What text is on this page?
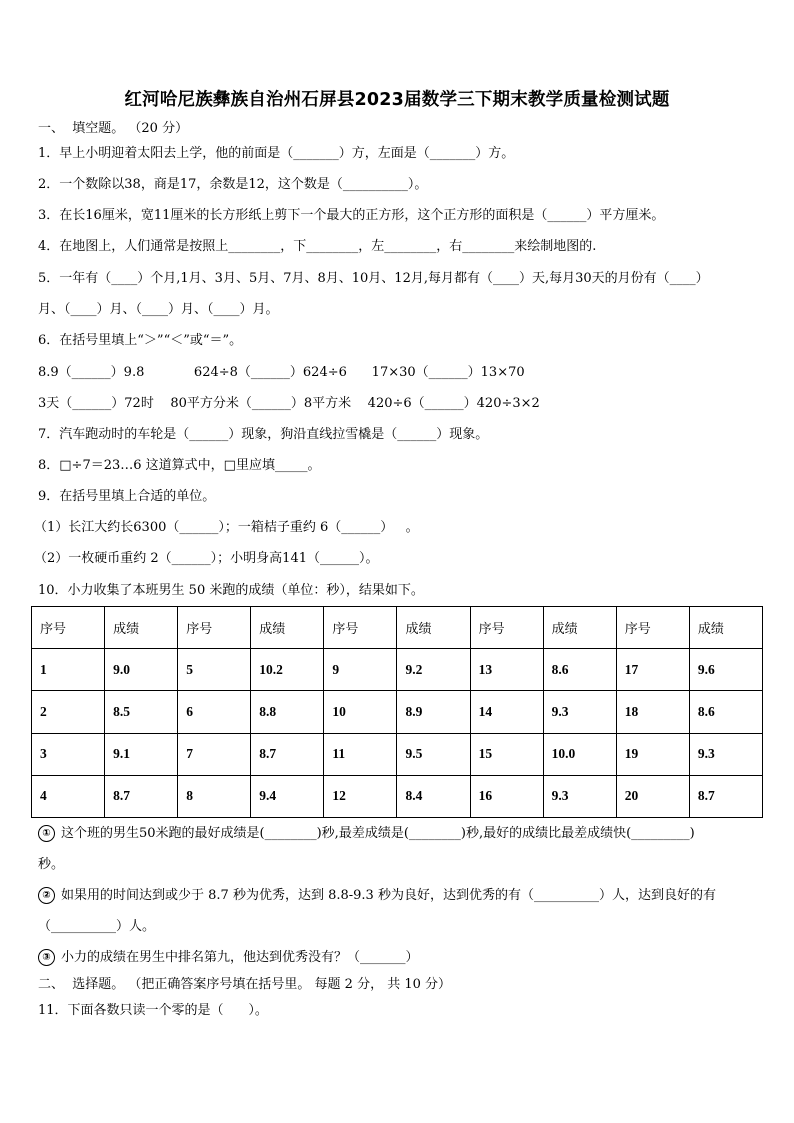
红河哈尼族彝族自治州石屏县2023届数学三下期末教学质量检测试题
一、  填空题。 （20 分）
1．早上小明迎着太阳去上学，他的前面是（_______）方，左面是（_______）方。
2．一个数除以38，商是17，余数是12，这个数是（__________）。
3．在长16厘米，宽11厘米的长方形纸上剪下一个最大的正方形，这个正方形的面积是（______）平方厘米。
4．在地图上，人们通常是按照上________，下________，左________，右________来绘制地图的.
5．一年有（____）个月,1月、3月、5月、7月、8月、10月、12月,每月都有（____）天,每月30天的月份有（____）
月、（____）月、（____）月、（____）月。
6．在括号里填上“＞”“＜”或“＝”。
8.9（______）9.8            624÷8（______）624÷6      17×30（______）13×70
3天（______）72时    80平方分米（______）8平方米    420÷6（______）420÷3×2
7．汽车跑动时的车轮是（______）现象，狗沿直线拉雪橇是（______）现象。
8．□÷7＝23…6 这道算式中，□里应填_____。
9．在括号里填上合适的单位。
（1）长江大约长6300（______）；一箱桔子重约 6（______）   。
（2）一枚硬币重约 2（______）；小明身高141（______）。
10．小力收集了本班男生 50 米跑的成绩（单位：秒），结果如下。
序号	成绩	序号	成绩	序号	成绩	序号	成绩	序号	成绩
1	9.0	5	10.2	9	9.2	13	8.6	17	9.6
2	8.5	6	8.8	10	8.9	14	9.3	18	8.6
3	9.1	7	8.7	11	9.5	15	10.0	19	9.3
4	8.7	8	9.4	12	8.4	16	9.3	20	8.7
① 这个班的男生50米跑的最好成绩是(________)秒,最差成绩是(________)秒,最好的成绩比最差成绩快(_________)
秒。
② 如果用的时间达到或少于 8.7 秒为优秀，达到 8.8-9.3 秒为良好，达到优秀的有（__________）人，达到良好的有
（__________）人。
③ 小力的成绩在男生中排名第九，他达到优秀没有？（_______）
二、  选择题。 （把正确答案序号填在括号里。 每题 2 分， 共 10 分）
11．下面各数只读一个零的是（      ）。
